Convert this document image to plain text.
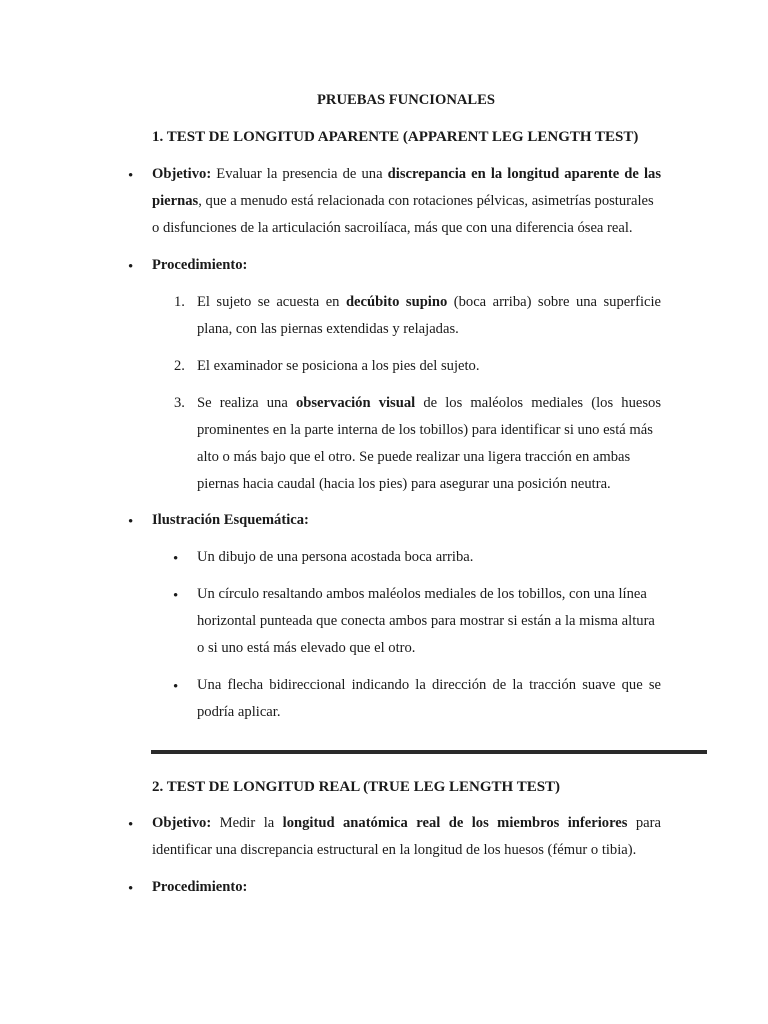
PRUEBAS FUNCIONALES
1. TEST DE LONGITUD APARENTE (APPARENT LEG LENGTH TEST)
• Objetivo: Evaluar la presencia de una discrepancia en la longitud aparente de las
piernas, que a menudo está relacionada con rotaciones pélvicas, asimetrías posturales
o disfunciones de la articulación sacroilíaca, más que con una diferencia ósea real.
• Procedimiento:
1. El sujeto se acuesta en decúbito supino (boca arriba) sobre una superficie
plana, con las piernas extendidas y relajadas.
2. El examinador se posiciona a los pies del sujeto.
3. Se realiza una observación visual de los maléolos mediales (los huesos
prominentes en la parte interna de los tobillos) para identificar si uno está más
alto o más bajo que el otro. Se puede realizar una ligera tracción en ambas
piernas hacia caudal (hacia los pies) para asegurar una posición neutra.
• Ilustración Esquemática:
• Un dibujo de una persona acostada boca arriba.
• Un círculo resaltando ambos maléolos mediales de los tobillos, con una línea
horizontal punteada que conecta ambos para mostrar si están a la misma altura
o si uno está más elevado que el otro.
• Una flecha bidireccional indicando la dirección de la tracción suave que se
podría aplicar.
2. TEST DE LONGITUD REAL (TRUE LEG LENGTH TEST)
• Objetivo: Medir la longitud anatómica real de los miembros inferiores para
identificar una discrepancia estructural en la longitud de los huesos (fémur o tibia).
• Procedimiento:
